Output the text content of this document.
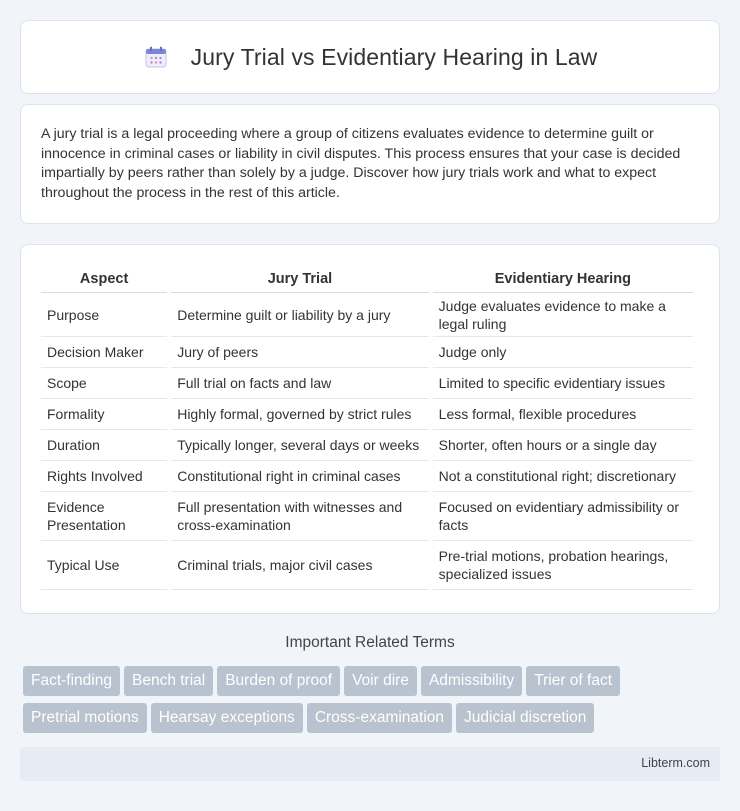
Jury Trial vs Evidentiary Hearing in Law

A jury trial is a legal proceeding where a group of citizens evaluates evidence to determine guilt or innocence in criminal cases or liability in civil disputes. This process ensures that your case is decided impartially by peers rather than solely by a judge. Discover how jury trials work and what to expect throughout the process in the rest of this article.

Aspect	Jury Trial	Evidentiary Hearing
Purpose	Determine guilt or liability by a jury	Judge evaluates evidence to make a legal ruling
Decision Maker	Jury of peers	Judge only
Scope	Full trial on facts and law	Limited to specific evidentiary issues
Formality	Highly formal, governed by strict rules	Less formal, flexible procedures
Duration	Typically longer, several days or weeks	Shorter, often hours or a single day
Rights Involved	Constitutional right in criminal cases	Not a constitutional right; discretionary
Evidence Presentation	Full presentation with witnesses and cross-examination	Focused on evidentiary admissibility or facts
Typical Use	Criminal trials, major civil cases	Pre-trial motions, probation hearings, specialized issues
Important Related Terms
Fact-finding Bench trial Burden of proof Voir dire Admissibility Trier of fact
Pretrial motions Hearsay exceptions Cross-examination Judicial discretion
Libterm.com
